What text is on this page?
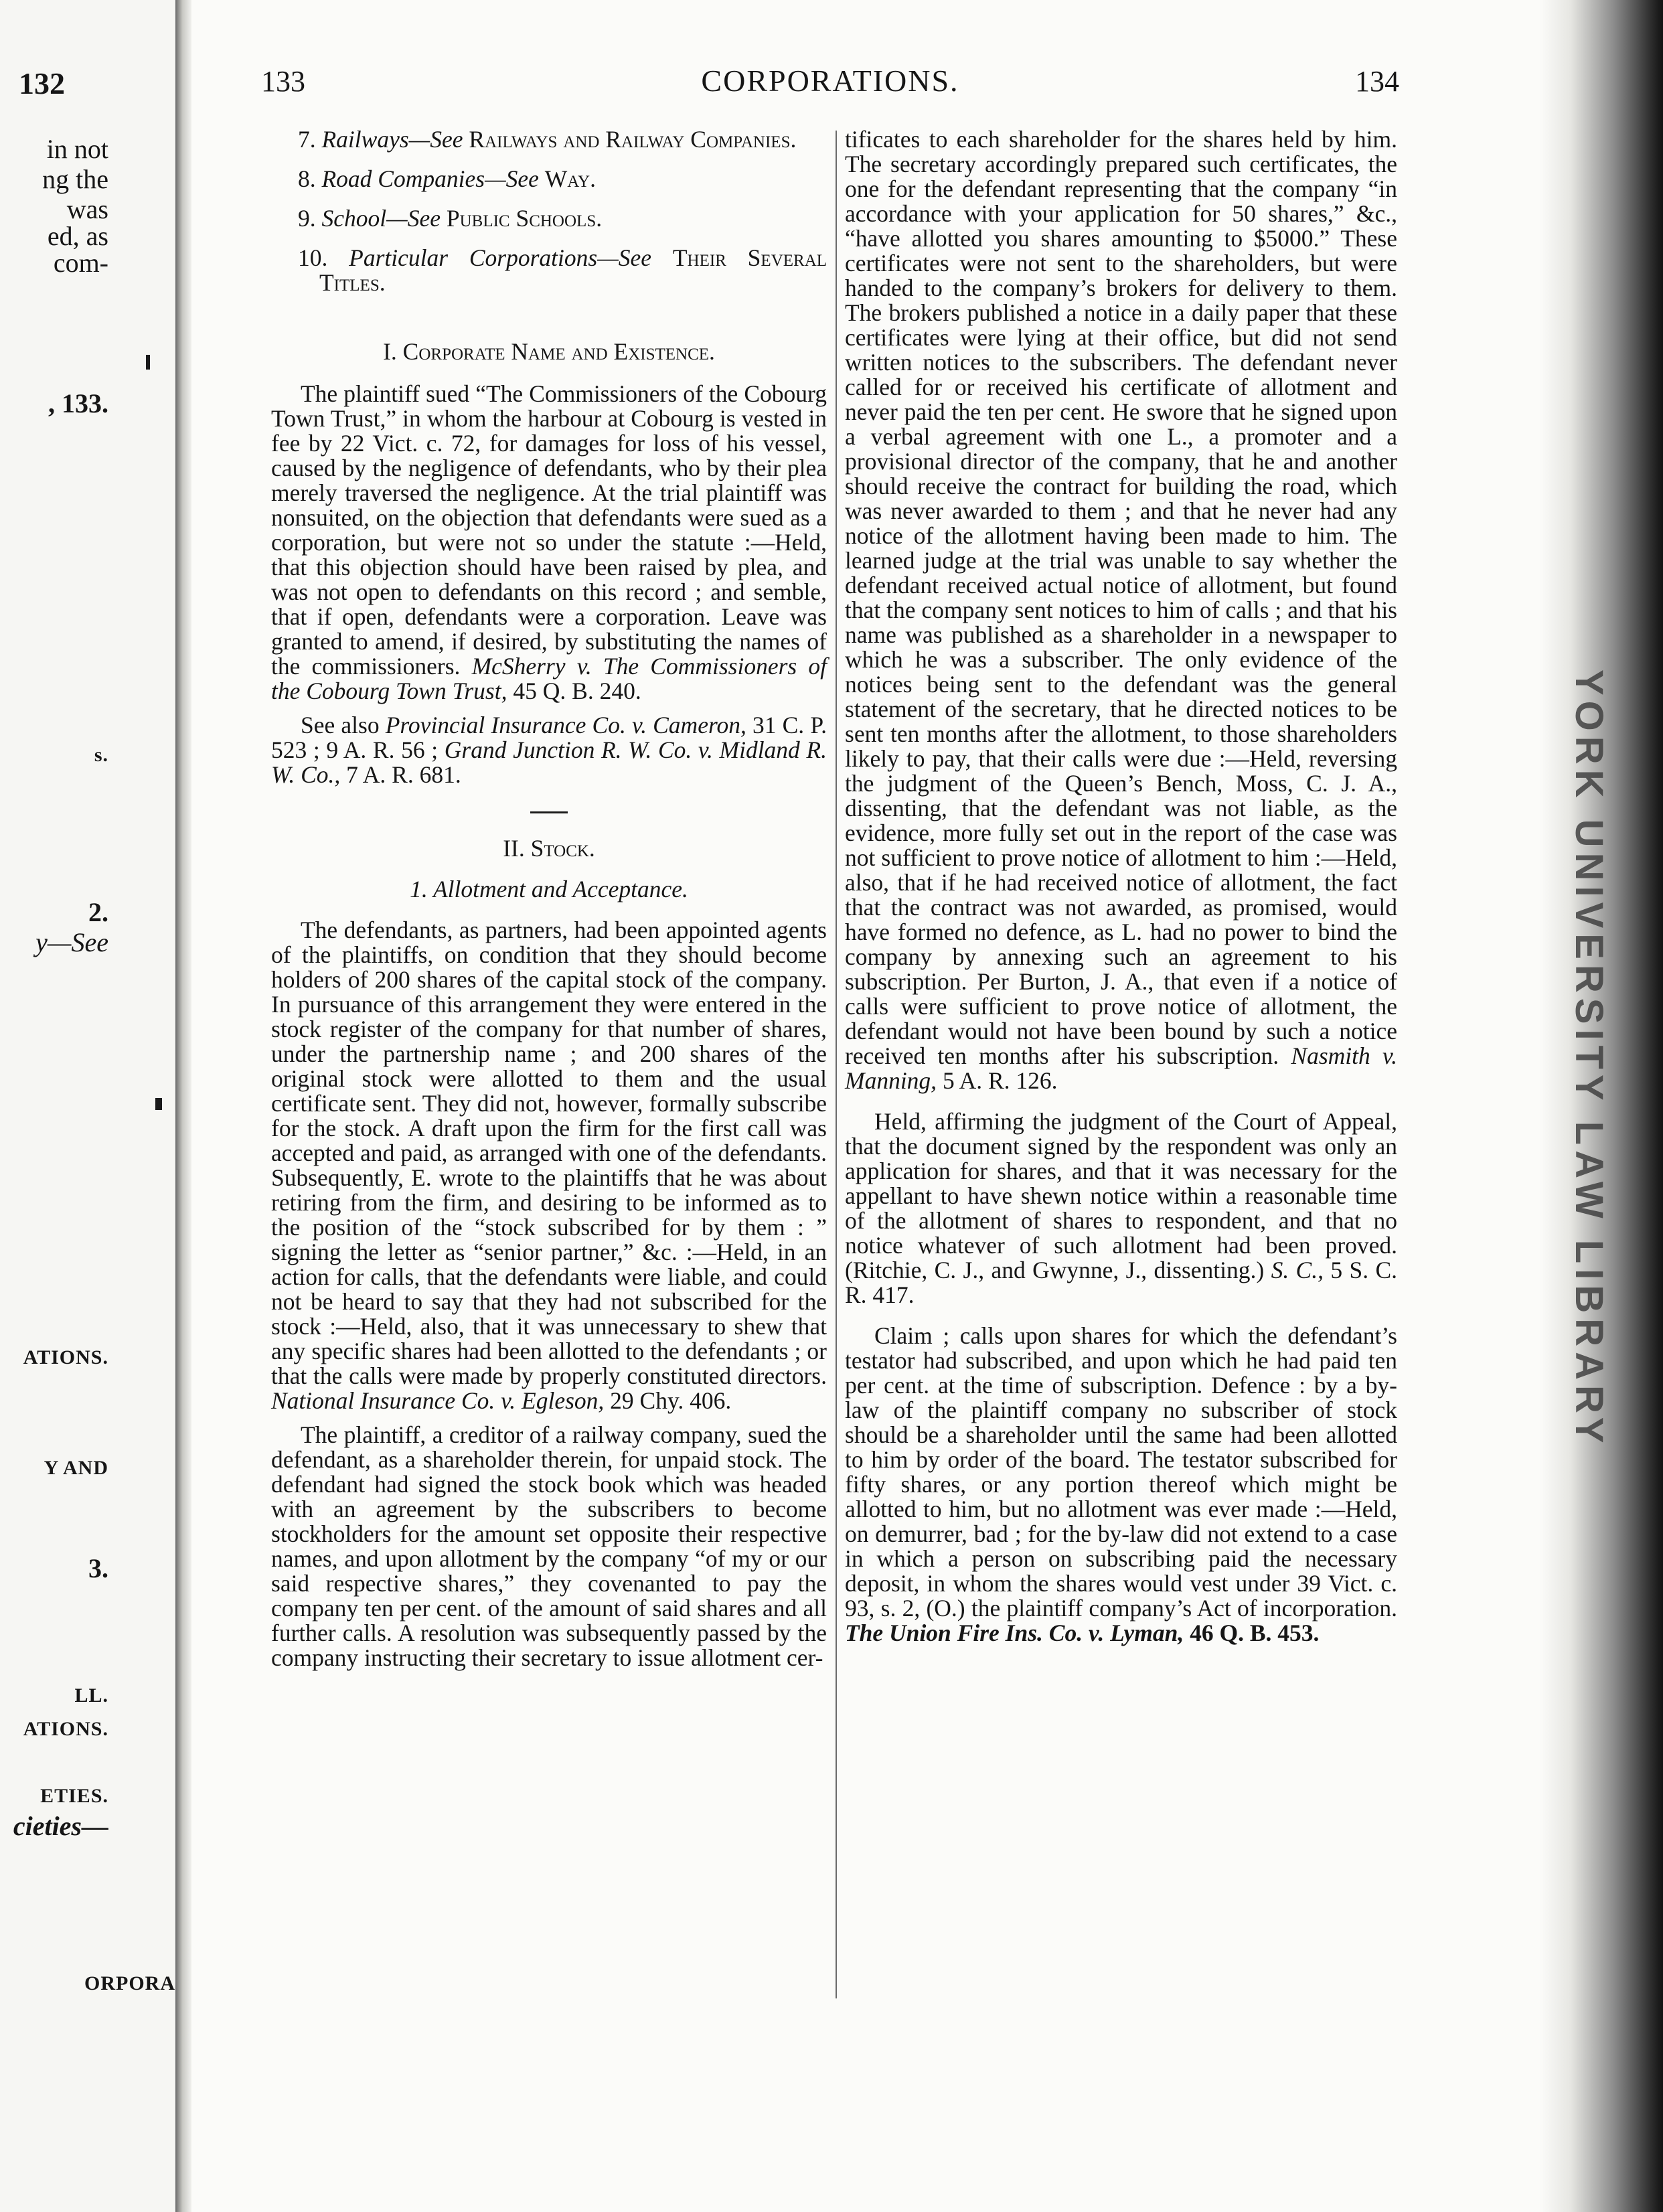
132
in not
ng the
was
ed, as
com-
, 133.
s.
2.
y—See
ATIONS.
Y AND
3.
LL.
ATIONS.
ETIES.
cieties—
ORPORA
YORK UNIVERSITY LAW LIBRARY
133	CORPORATIONS.	134

7. Railways—See Railways and Railway Companies.

8. Road Companies—See Way.

9. School—See Public Schools.

10. Particular Corporations—See Their Several Titles.

I. Corporate Name and Existence.

The plaintiff sued “The Commissioners of the Cobourg Town Trust,” in whom the harbour at Cobourg is vested in fee by 22 Vict. c. 72, for damages for loss of his vessel, caused by the negligence of defendants, who by their plea merely traversed the negligence. At the trial plaintiff was nonsuited, on the objection that defendants were sued as a corporation, but were not so under the statute :—Held, that this objection should have been raised by plea, and was not open to defendants on this record ; and semble, that if open, defendants were a corporation. Leave was granted to amend, if desired, by substituting the names of the commissioners. McSherry v. The Commissioners of the Cobourg Town Trust, 45 Q. B. 240.

See also Provincial Insurance Co. v. Cameron, 31 C. P. 523 ; 9 A. R. 56 ; Grand Junction R. W. Co. v. Midland R. W. Co., 7 A. R. 681.

II. Stock.

1. Allotment and Acceptance.

The defendants, as partners, had been appointed agents of the plaintiffs, on condition that they should become holders of 200 shares of the capital stock of the company. In pursuance of this arrangement they were entered in the stock register of the company for that number of shares, under the partnership name ; and 200 shares of the original stock were allotted to them and the usual certificate sent. They did not, however, formally subscribe for the stock. A draft upon the firm for the first call was accepted and paid, as arranged with one of the defendants. Subsequently, E. wrote to the plaintiffs that he was about retiring from the firm, and desiring to be informed as to the position of the “stock subscribed for by them : ” signing the letter as “senior partner,” &c. :—Held, in an action for calls, that the defendants were liable, and could not be heard to say that they had not subscribed for the stock :—Held, also, that it was unnecessary to shew that any specific shares had been allotted to the defendants ; or that the calls were made by properly constituted directors. National Insurance Co. v. Egleson, 29 Chy. 406.

The plaintiff, a creditor of a railway company, sued the defendant, as a shareholder therein, for unpaid stock. The defendant had signed the stock book which was headed with an agreement by the subscribers to become stockholders for the amount set opposite their respective names, and upon allotment by the company “of my or our said respective shares,” they covenanted to pay the company ten per cent. of the amount of said shares and all further calls. A resolution was subsequently passed by the company instructing their secretary to issue allotment cer-

tificates to each shareholder for the shares held by him. The secretary accordingly prepared such certificates, the one for the defendant representing that the company “in accordance with your application for 50 shares,” &c., “have allotted you shares amounting to $5000.” These certificates were not sent to the shareholders, but were handed to the company’s brokers for delivery to them. The brokers published a notice in a daily paper that these certificates were lying at their office, but did not send written notices to the subscribers. The defendant never called for or received his certificate of allotment and never paid the ten per cent. He swore that he signed upon a verbal agreement with one L., a promoter and a provisional director of the company, that he and another should receive the contract for building the road, which was never awarded to them ; and that he never had any notice of the allotment having been made to him. The learned judge at the trial was unable to say whether the defendant received actual notice of allotment, but found that the company sent notices to him of calls ; and that his name was published as a shareholder in a newspaper to which he was a subscriber. The only evidence of the notices being sent to the defendant was the general statement of the secretary, that he directed notices to be sent ten months after the allotment, to those shareholders likely to pay, that their calls were due :—Held, reversing the judgment of the Queen’s Bench, Moss, C. J. A., dissenting, that the defendant was not liable, as the evidence, more fully set out in the report of the case was not sufficient to prove notice of allotment to him :—Held, also, that if he had received notice of allotment, the fact that the contract was not awarded, as promised, would have formed no defence, as L. had no power to bind the company by annexing such an agreement to his subscription. Per Burton, J. A., that even if a notice of calls were sufficient to prove notice of allotment, the defendant would not have been bound by such a notice received ten months after his subscription. Nasmith v. Manning, 5 A. R. 126.

Held, affirming the judgment of the Court of Appeal, that the document signed by the respondent was only an application for shares, and that it was necessary for the appellant to have shewn notice within a reasonable time of the allotment of shares to respondent, and that no notice whatever of such allotment had been proved. (Ritchie, C. J., and Gwynne, J., dissenting.) S. C., 5 S. C. R. 417.

Claim ; calls upon shares for which the defendant’s testator had subscribed, and upon which he had paid ten per cent. at the time of subscription. Defence : by a by-law of the plaintiff company no subscriber of stock should be a shareholder until the same had been allotted to him by order of the board. The testator subscribed for fifty shares, or any portion thereof which might be allotted to him, but no allotment was ever made :—Held, on demurrer, bad ; for the by-law did not extend to a case in which a person on subscribing paid the necessary deposit, in whom the shares would vest under 39 Vict. c. 93, s. 2, (O.) the plaintiff company’s Act of incorporation. The Union Fire Ins. Co. v. Lyman, 46 Q. B. 453.
